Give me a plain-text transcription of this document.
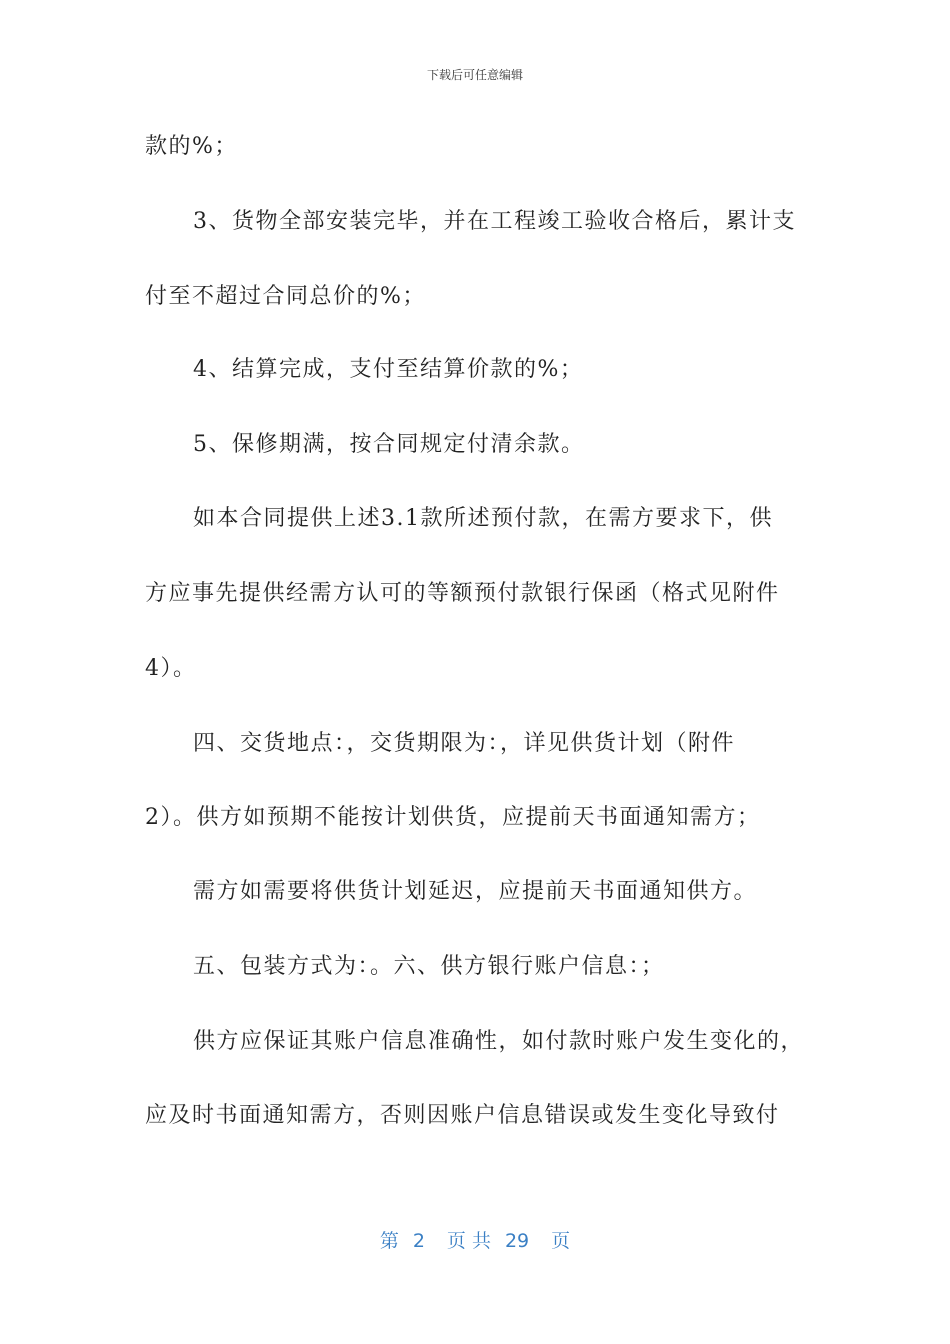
下载后可任意编辑
款的%；
3、货物全部安装完毕，并在工程竣工验收合格后，累计支
付至不超过合同总价的%；
4、结算完成，支付至结算价款的%；
5、保修期满，按合同规定付清余款。
如本合同提供上述3.1款所述预付款，在需方要求下，供
方应事先提供经需方认可的等额预付款银行保函（格式见附件
4）。
四、交货地点：，交货期限为：，详见供货计划（附件
2）。供方如预期不能按计划供货，应提前天书面通知需方；
需方如需要将供货计划延迟，应提前天书面通知供方。
五、包装方式为：。六、供方银行账户信息：；
供方应保证其账户信息准确性，如付款时账户发生变化的，
应及时书面通知需方，否则因账户信息错误或发生变化导致付
第 2 页 共 29 页
